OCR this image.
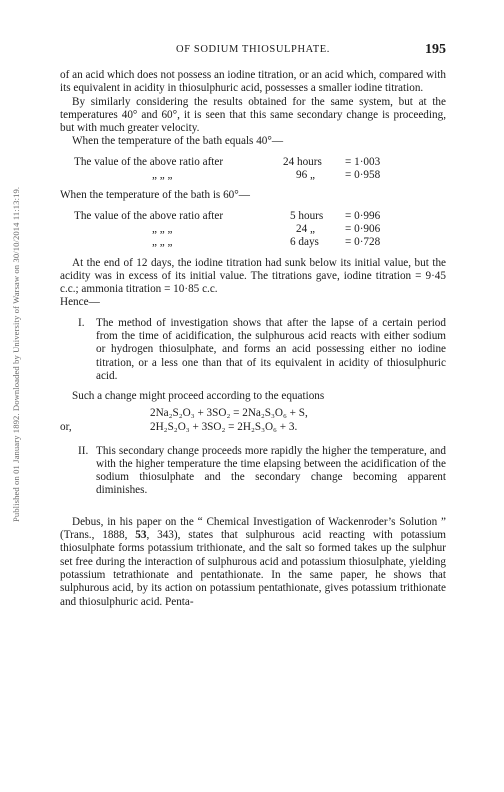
Published on 01 January 1892. Downloaded by University of Warsaw on 30/10/2014 11:13:19.
OF SODIUM THIOSULPHATE.	195

of an acid which does not possess an iodine titration, or an acid which, compared with its equivalent in acidity in thiosulphuric acid, possesses a smaller iodine titration.

By similarly considering the results obtained for the same system, but at the temperatures 40° and 60°, it is seen that this same secondary change is proceeding, but with much greater velocity.

When the temperature of the bath equals 40°—

The value of the above ratio after	24 hours = 1·003
„ „ „	96 „	= 0·958

When the temperature of the bath is 60°—

The value of the above ratio after	5 hours = 0·996
„ „ „	24 „	= 0·906
„ „ „	6 days = 0·728

At the end of 12 days, the iodine titration had sunk below its initial value, but the acidity was in excess of its initial value. The titrations gave, iodine titration = 9·45 c.c.; ammonia titration = 10·85 c.c.

Hence—

I. The method of investigation shows that after the lapse of a certain period from the time of acidification, the sulphurous acid reacts with either sodium or hydrogen thiosulphate, and forms an acid possessing either no iodine titration, or a less one than that of its equivalent in acidity of thiosulphuric acid.

Such a change might proceed according to the equations

2Na₂S₂O₃ + 3SO₂ = 2Na₂S₃O₆ + S,
or,	2H₂S₂O₃ + 3SO₂ = 2H₂S₃O₆ + 3.
II. This secondary change proceeds more rapidly the higher the temperature, and with the higher temperature the time elapsing between the acidification of the sodium thiosulphate and the secondary change becoming apparent diminishes.

Debus, in his paper on the “ Chemical Investigation of Wackenroder’s Solution ” (Trans., 1888, 53, 343), states that sulphurous acid reacting with potassium thiosulphate forms potassium trithionate, and the salt so formed takes up the sulphur set free during the interaction of sulphurous acid and potassium thiosulphate, yielding potassium tetrathionate and pentathionate. In the same paper, he shows that sulphurous acid, by its action on potassium pentathionate, gives potassium trithionate and thiosulphuric acid. Penta-
